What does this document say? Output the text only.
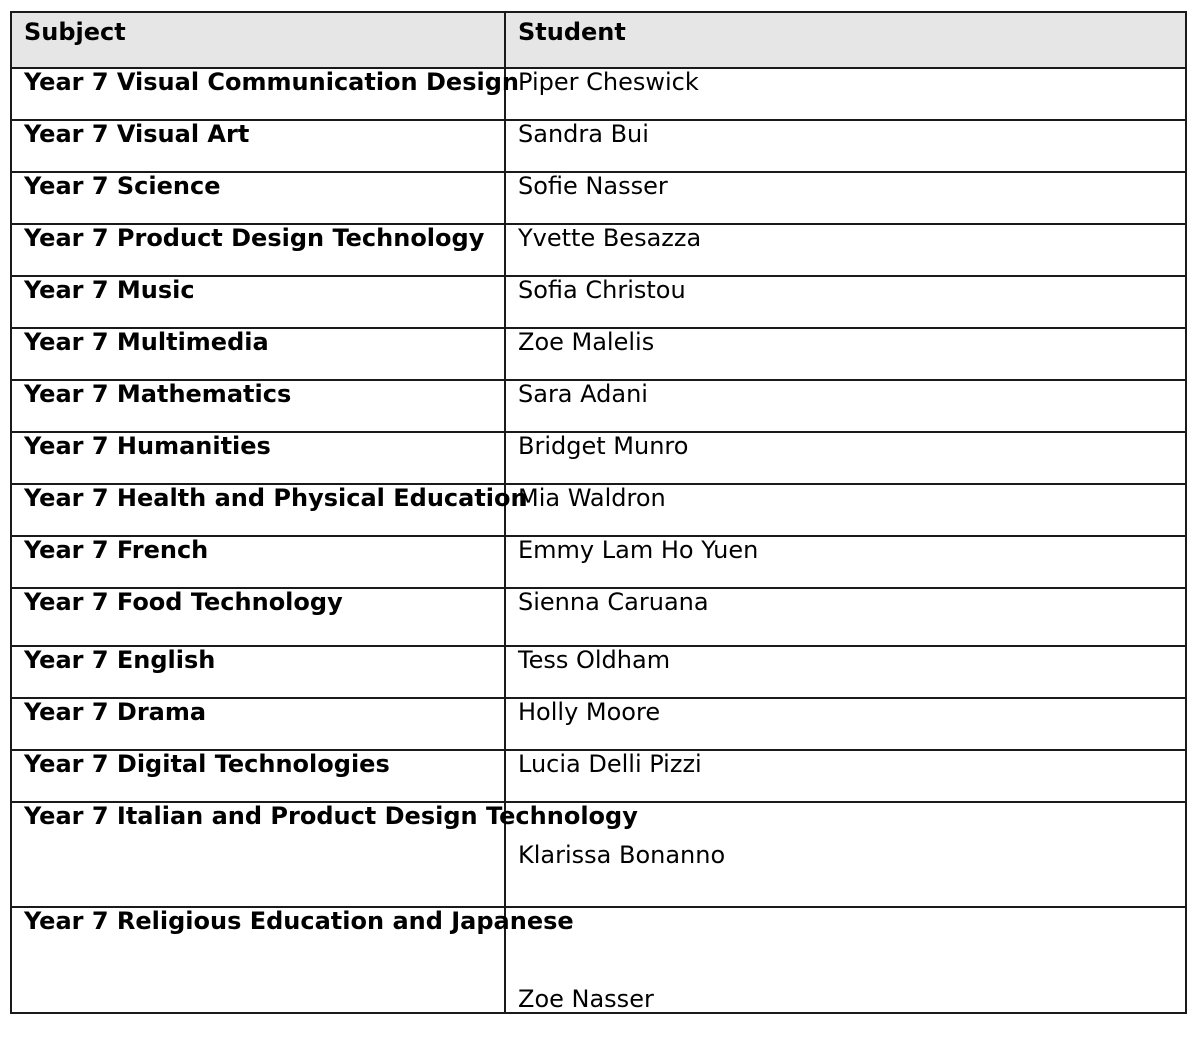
Subject	Student
Year 7 Visual Communication Design	Piper Cheswick
Year 7 Visual Art	Sandra Bui
Year 7 Science	Sofie Nasser
Year 7 Product Design Technology	Yvette Besazza
Year 7 Music	Sofia Christou
Year 7 Multimedia	Zoe Malelis
Year 7 Mathematics	Sara Adani
Year 7 Humanities	Bridget Munro
Year 7 Health and Physical Education	Mia Waldron
Year 7 French	Emmy Lam Ho Yuen
Year 7 Food Technology	Sienna Caruana
Year 7 English	Tess Oldham
Year 7 Drama	Holly Moore
Year 7 Digital Technologies	Lucia Delli Pizzi
Year 7 Italian and Product Design Technology	Klarissa Bonanno
Year 7 Religious Education and Japanese	Zoe Nasser
